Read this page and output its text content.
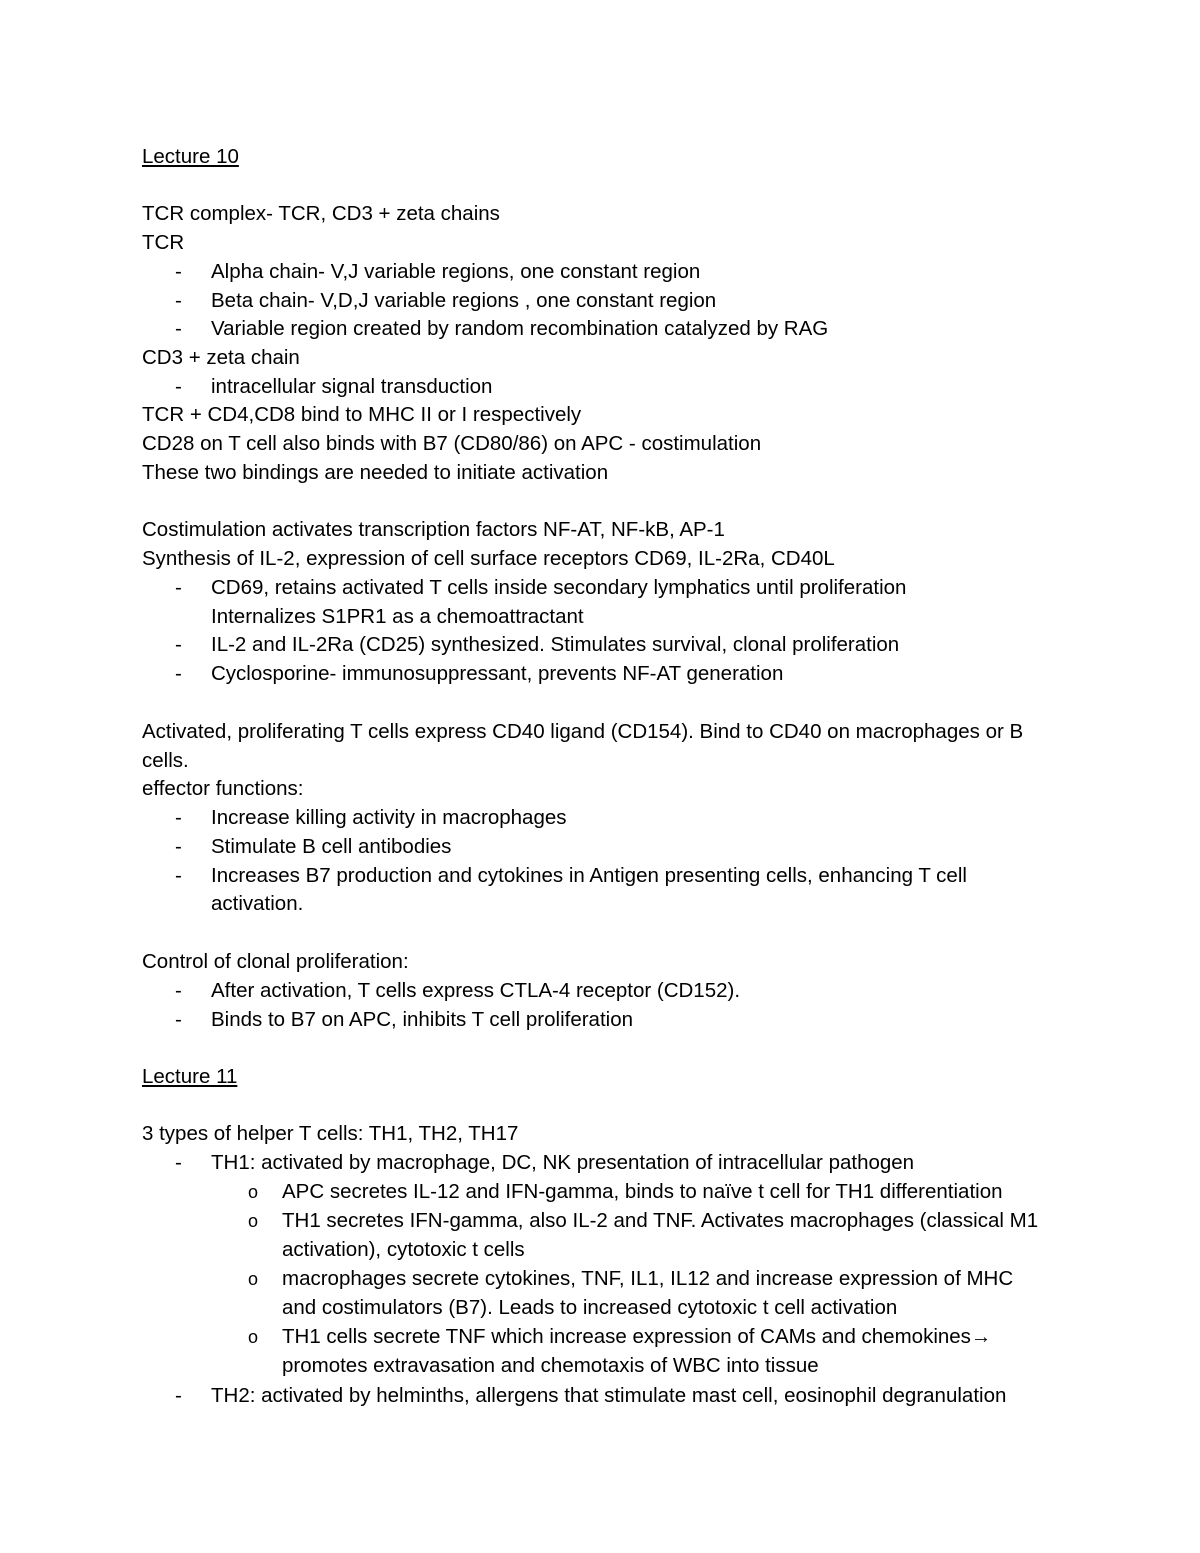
Lecture 10
TCR complex- TCR, CD3 + zeta chains
TCR
- Alpha chain- V,J variable regions, one constant region
- Beta chain- V,D,J variable regions , one constant region
- Variable region created by random recombination catalyzed by RAG
CD3 + zeta chain
- intracellular signal transduction
TCR + CD4,CD8 bind to MHC II or I respectively
CD28 on T cell also binds with B7 (CD80/86) on APC - costimulation
These two bindings are needed to initiate activation
Costimulation activates transcription factors NF-AT, NF-kB, AP-1
Synthesis of IL-2, expression of cell surface receptors CD69, IL-2Ra, CD40L
- CD69, retains activated T cells inside secondary lymphatics until proliferation
Internalizes S1PR1 as a chemoattractant
- IL-2 and IL-2Ra (CD25) synthesized. Stimulates survival, clonal proliferation
- Cyclosporine- immunosuppressant, prevents NF-AT generation
Activated, proliferating T cells express CD40 ligand (CD154). Bind to CD40 on macrophages or B
cells.
effector functions:
- Increase killing activity in macrophages
- Stimulate B cell antibodies
- Increases B7 production and cytokines in Antigen presenting cells, enhancing T cell
activation.
Control of clonal proliferation:
- After activation, T cells express CTLA-4 receptor (CD152).
- Binds to B7 on APC, inhibits T cell proliferation
Lecture 11
3 types of helper T cells: TH1, TH2, TH17
- TH1: activated by macrophage, DC, NK presentation of intracellular pathogen
o APC secretes IL-12 and IFN-gamma, binds to naïve t cell for TH1 differentiation
o TH1 secretes IFN-gamma, also IL-2 and TNF. Activates macrophages (classical M1
activation), cytotoxic t cells
o macrophages secrete cytokines, TNF, IL1, IL12 and increase expression of MHC
and costimulators (B7). Leads to increased cytotoxic t cell activation
o TH1 cells secrete TNF which increase expression of CAMs and chemokines→
promotes extravasation and chemotaxis of WBC into tissue
- TH2: activated by helminths, allergens that stimulate mast cell, eosinophil degranulation
